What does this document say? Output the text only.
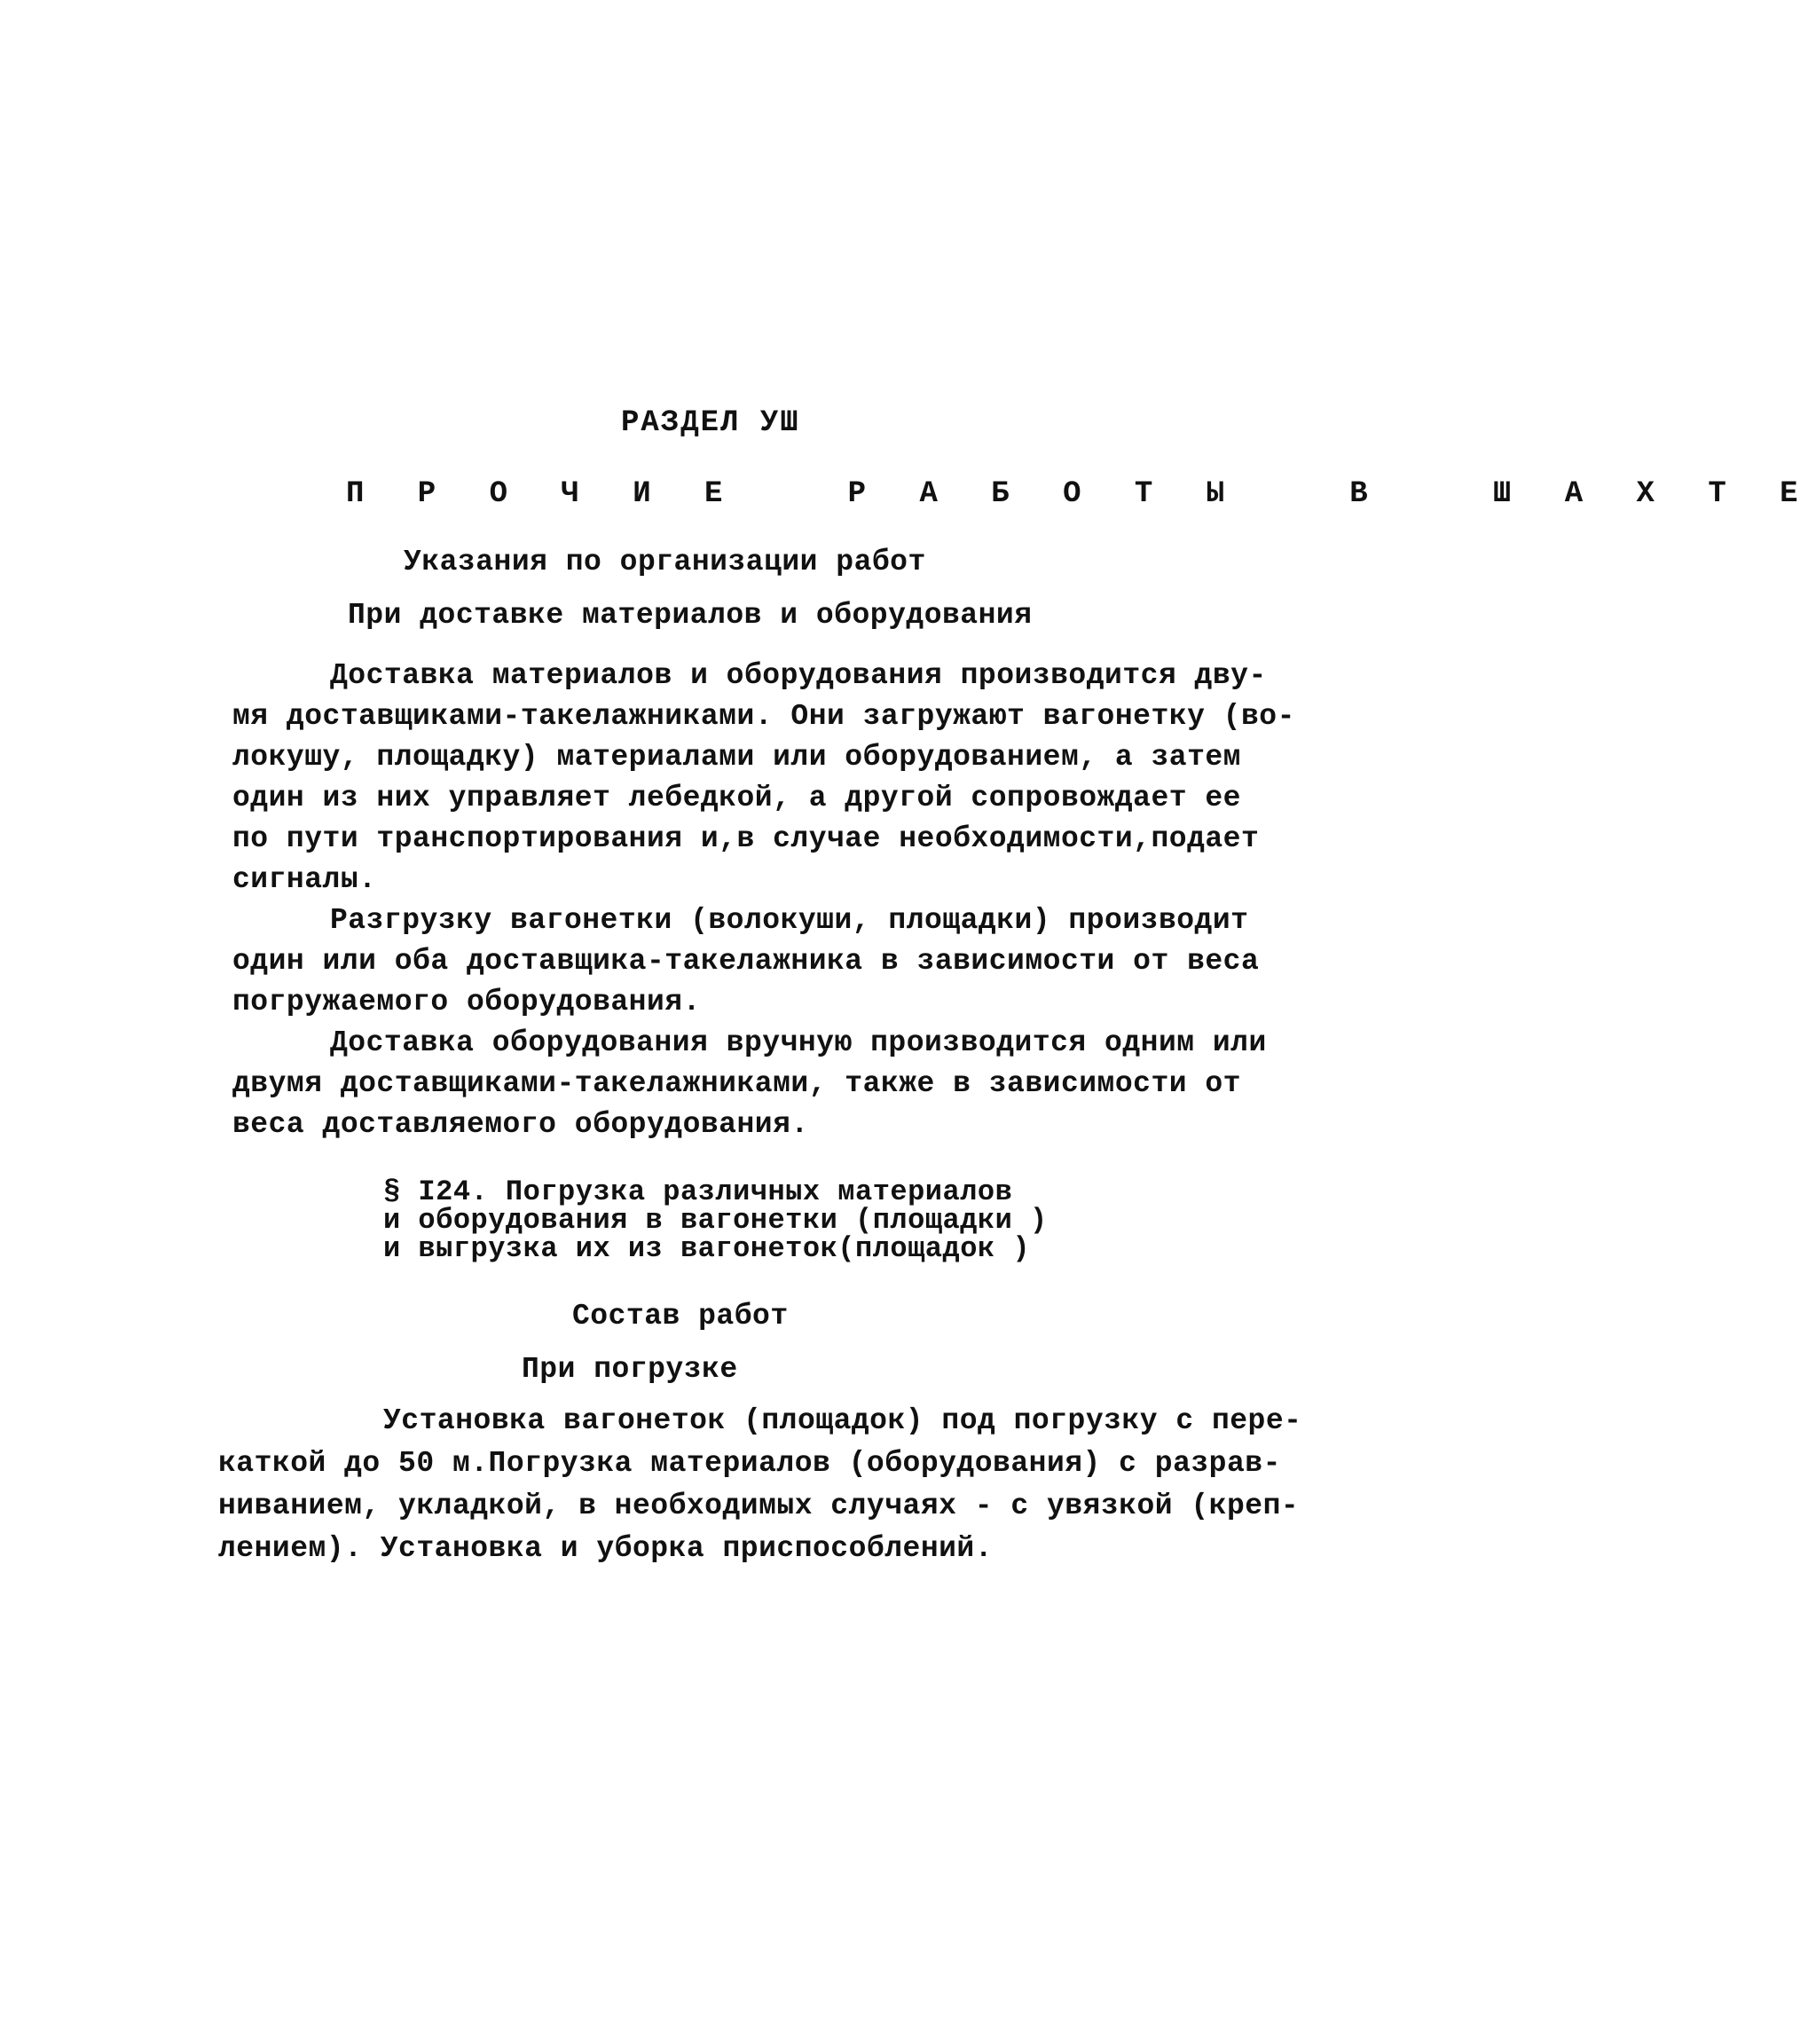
РАЗДЕЛ УШ
П Р О Ч И Е   Р А Б О Т Ы   В   Ш А Х Т Е
Указания по организации работ
При доставке материалов и оборудования
Доставка материалов и оборудования производится дву-
мя доставщиками-такелажниками. Они загружают вагонетку (во-
локушу, площадку) материалами или оборудованием, а затем
один из них управляет лебедкой, а другой сопровождает ее
по пути транспортирования и,в случае необходимости,подает
сигналы.
Разгрузку вагонетки (волокуши, площадки) производит
один или оба доставщика-такелажника в зависимости от веса
погружаемого оборудования.
Доставка оборудования вручную производится одним или
двумя доставщиками-такелажниками, также в зависимости от
веса доставляемого оборудования.
§ I24. Погрузка различных материалов
и оборудования в вагонетки (площадки )
и выгрузка их из вагонеток(площадок )
Состав работ
При погрузке
Установка вагонеток (площадок) под погрузку с пере-
каткой до 50 м.Погрузка материалов (оборудования) с разрав-
ниванием, укладкой, в необходимых случаях - с увязкой (креп-
лением). Установка и уборка приспособлений.
